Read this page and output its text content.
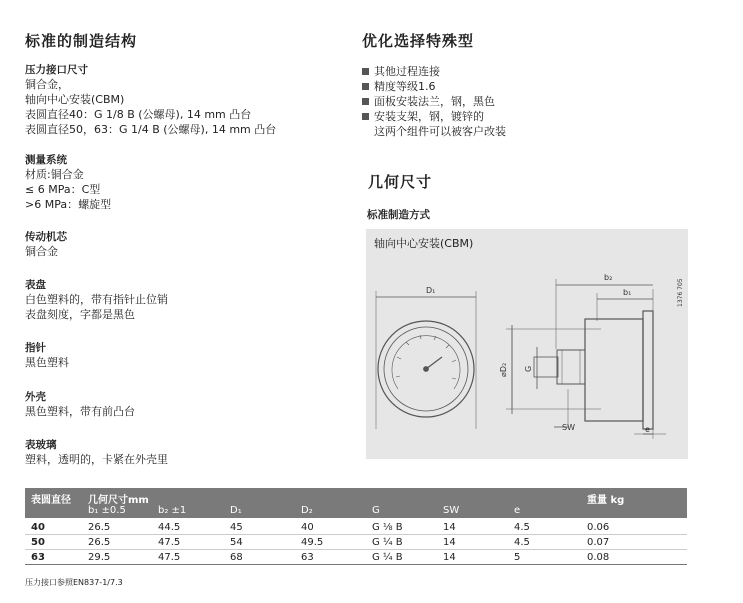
标准的制造结构
压力接口尺寸
铜合金，
轴向中心安装(CBM)
表圆直径40：G 1/8 B (公螺母), 14 mm 凸台
表圆直径50，63：G 1/4 B (公螺母), 14 mm 凸台
测量系统
材质:铜合金
≤ 6 MPa：C型
>6 MPa：螺旋型
传动机芯
铜合金
表盘
白色塑料的，带有指针止位销
表盘刻度，字都是黑色
指针
黑色塑料
外壳
黑色塑料，带有前凸台
表玻璃
塑料，透明的，卡紧在外壳里
优化选择特殊型
其他过程连接
精度等级1.6
面板安装法兰，钢，黑色
安装支架，钢，镀锌的
这两个组件可以被客户改装
几何尺寸
标准制造方式
轴向中心安装(CBM)
D₁
b₂
b₁
⌀D₂ G
SW	e
1376 705
表圆直径 几何尺寸mm	重量 kg
b₁ ±0.5	b₂ ±1	D₁	D₂	G	SW	e
40	26.5	44.5	45	40	G ⅛ B	14	4.5	0.06
50	26.5	47.5	54	49.5	G ¼ B	14	4.5	0.07
63	29.5	47.5	68	63	G ¼ B	14	5	0.08
压力接口参照EN837-1/7.3
